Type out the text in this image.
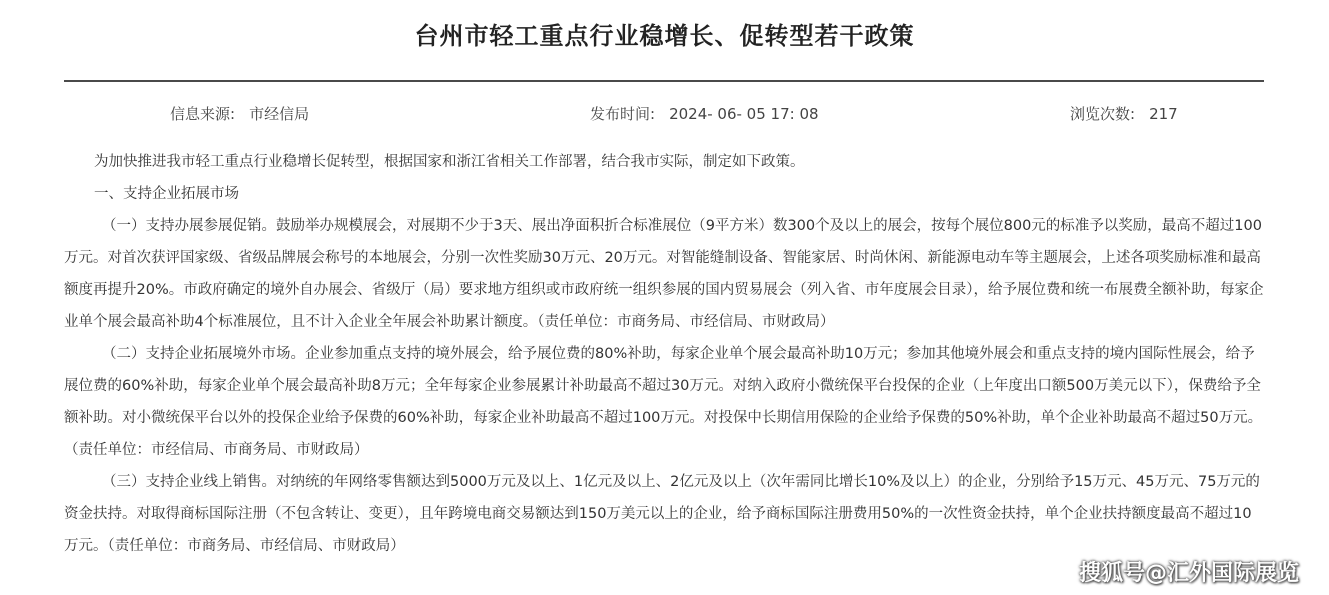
台州市轻工重点行业稳增长、促转型若干政策
信息来源: 市经信局	发布时间: 2024- 06- 05 17: 08	浏览次数: 217

为加快推进我市轻工重点行业稳增长促转型，根据国家和浙江省相关工作部署，结合我市实际，制定如下政策。

一、支持企业拓展市场

（一）支持办展参展促销。鼓励举办规模展会，对展期不少于3天、展出净面积折合标准展位（9平方米）数300个及以上的展会，按每个展位800元的标准予以奖励，最高不超过100万元。对首次获评国家级、省级品牌展会称号的本地展会，分别一次性奖励30万元、20万元。对智能缝制设备、智能家居、时尚休闲、新能源电动车等主题展会，上述各项奖励标准和最高额度再提升20%。市政府确定的境外自办展会、省级厅（局）要求地方组织或市政府统一组织参展的国内贸易展会（列入省、市年度展会目录），给予展位费和统一布展费全额补助，每家企业单个展会最高补助4个标准展位，且不计入企业全年展会补助累计额度。（责任单位：市商务局、市经信局、市财政局）

（二）支持企业拓展境外市场。企业参加重点支持的境外展会，给予展位费的80%补助，每家企业单个展会最高补助10万元；参加其他境外展会和重点支持的境内国际性展会，给予展位费的60%补助，每家企业单个展会最高补助8万元；全年每家企业参展累计补助最高不超过30万元。对纳入政府小微统保平台投保的企业（上年度出口额500万美元以下），保费给予全额补助。对小微统保平台以外的投保企业给予保费的60%补助，每家企业补助最高不超过100万元。对投保中长期信用保险的企业给予保费的50%补助，单个企业补助最高不超过50万元。（责任单位：市经信局、市商务局、市财政局）

（三）支持企业线上销售。对纳统的年网络零售额达到5000万元及以上、1亿元及以上、2亿元及以上（次年需同比增长10%及以上）的企业，分别给予15万元、45万元、75万元的资金扶持。对取得商标国际注册（不包含转让、变更），且年跨境电商交易额达到150万美元以上的企业，给予商标国际注册费用50%的一次性资金扶持，单个企业扶持额度最高不超过10万元。（责任单位：市商务局、市经信局、市财政局）

搜狐号@汇外国际展览
